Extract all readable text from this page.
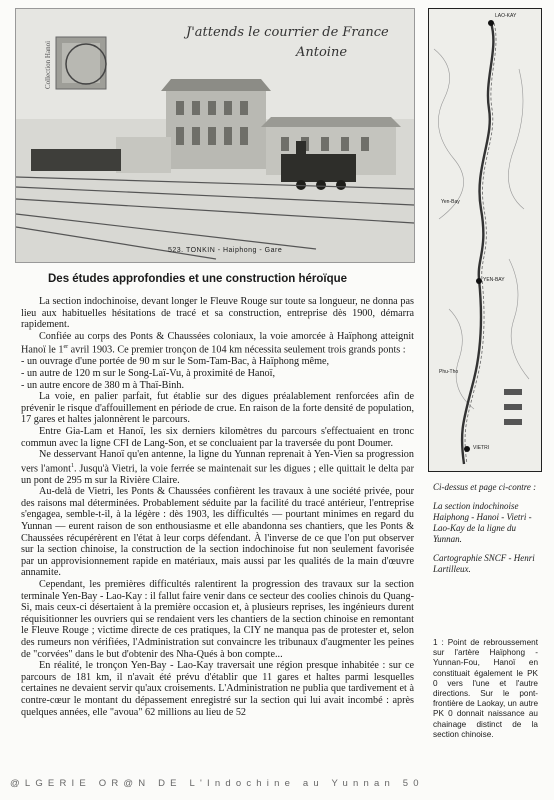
Collection Hanoi
J'attends le courrier de France
Antoine
523. TONKIN - Haiphong - Gare
LAO-KAY
YEN-BAY
VIETRI
Phu-Tho
Yen-Bay
Des études approfondies et une construction héroïque

La section indochinoise, devant longer le Fleuve Rouge sur toute sa longueur, ne donna pas lieu aux habituelles hésitations de tracé et sa construction, entreprise dès 1900, démarra rapidement.

Confiée au corps des Ponts & Chaussées coloniaux, la voie amorcée à Haïphong atteignit Hanoï le 1er avril 1903. Ce premier tronçon de 104 km nécessita seulement trois grands ponts :

- un ouvrage d'une portée de 90 m sur le Som-Tam-Bac, à Haïphong même,

- un autre de 120 m sur le Song-Laï-Vu, à proximité de Hanoï,

- un autre encore de 380 m à Thaï-Binh.

La voie, en palier parfait, fut établie sur des digues préalablement renforcées afin de prévenir le risque d'affouillement en période de crue. En raison de la forte densité de population, 17 gares et haltes jalonnèrent le parcours.

Entre Gia-Lam et Hanoï, les six derniers kilomètres du parcours s'effectuaient en tronc commun avec la ligne CFI de Lang-Son, et se concluaient par la traversée du pont Doumer.

Ne desservant Hanoï qu'en antenne, la ligne du Yunnan reprenait à Yen-Vien sa progression vers l'amont$^1$. Jusqu'à Vietri, la voie ferrée se maintenait sur les digues ; elle quittait le delta par un pont de 295 m sur la Rivière Claire.

Au-delà de Vietri, les Ponts & Chaussées confièrent les travaux à une société privée, pour des raisons mal déterminées. Probablement séduite par la facilité du tracé antérieur, l'entreprise s'engagea, semble-t-il, à la légère : dès 1903, les difficultés — pourtant minimes en regard du Yunnan — eurent raison de son enthousiasme et elle abandonna ses chantiers, que les Ponts & Chaussées récupérèrent en l'état à leur corps défendant. À l'inverse de ce que l'on put observer sur la section chinoise, la construction de la section indochinoise fut non seulement favorisée par un approvisionnement rapide en matériaux, mais aussi par les qualités de la main d'œuvre annamite.

Cependant, les premières difficultés ralentirent la progression des travaux sur la section terminale Yen-Bay - Lao-Kay : il fallut faire venir dans ce secteur des coolies chinois du Quang-Si, mais ceux-ci désertaient à la première occasion et, à plusieurs reprises, les ingénieurs durent réquisitionner les ouvriers qui se rendaient vers les chantiers de la section chinoise en remontant le Fleuve Rouge ; victime directe de ces pratiques, la CIY ne manqua pas de protester et, selon des rumeurs non vérifiées, l'Administration sut convaincre les tribunaux d'augmenter les peines de "corvées" dans le but d'obtenir des Nha-Qués à bon compte...

En réalité, le tronçon Yen-Bay - Lao-Kay traversait une région presque inhabitée : sur ce parcours de 181 km, il n'avait été prévu d'établir que 11 gares et haltes parmi lesquelles certaines ne devaient servir qu'aux croisements. L'Administration ne publia que tardivement et à contre-cœur le montant du dépassement enregistré sur la section qui lui avait incombé : après quelques années, elle "avoua" 62 millions au lieu de 52

Ci-dessus et page ci-contre :

La section indochinoise Haiphong - Hanoi - Vietri - Lao-Kay de la ligne du Yunnan.

Cartographie SNCF - Henri Lartilleux.

1 : Point de rebroussement sur l'artère Haïphong - Yunnan-Fou, Hanoï en constituait également le PK 0 vers l'une et l'autre directions. Sur le pont-frontière de Laokay, un autre PK 0 donnait naissance au chainage distinct de la section chinoise.
@LGERIE OR@N DE L'Indochine au Yunnan 50
